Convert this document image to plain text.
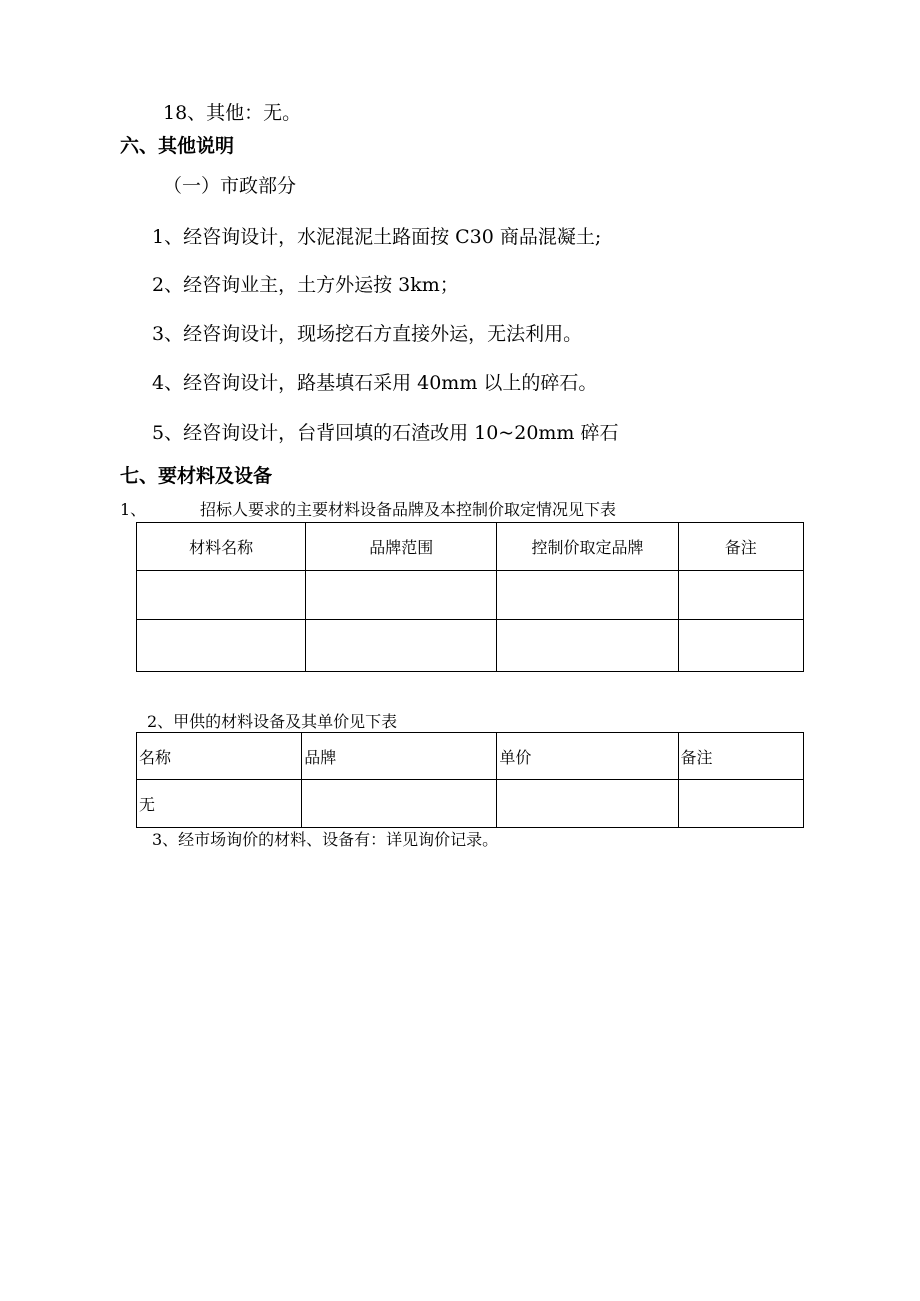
18、其他：无。
六、其他说明
（一）市政部分
1、经咨询设计，水泥混泥土路面按 C30 商品混凝土;
2、经咨询业主，土方外运按 3km；
3、经咨询设计，现场挖石方直接外运，无法利用。
4、经咨询设计，路基填石采用 40mm 以上的碎石。
5、经咨询设计，台背回填的石渣改用 10~20mm 碎石
七、要材料及设备
1、	招标人要求的主要材料设备品牌及本控制价取定情况见下表
材料名称	品牌范围	控制价取定品牌	备注

2、甲供的材料设备及其单价见下表
名称	品牌	单价	备注
无			
3、经市场询价的材料、设备有：详见询价记录。
